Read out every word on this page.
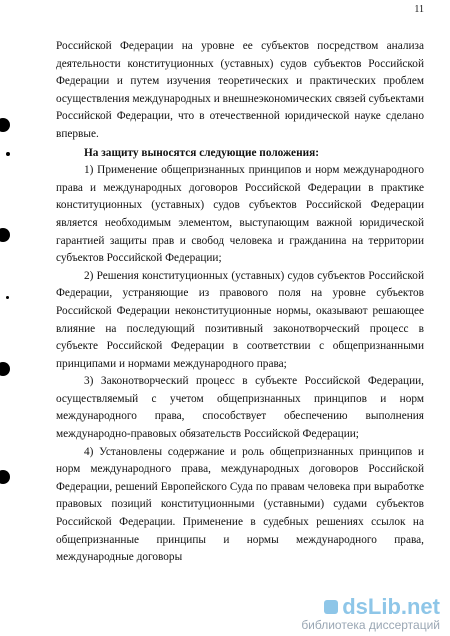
11

Российской Федерации на уровне ее субъектов посредством анализа деятельности конституционных (уставных) судов субъектов Российской Федерации и путем изучения теоретических и практических проблем осуществления международных и внешнеэкономических связей субъектами Российской Федерации, что в отечественной юридической науке сделано впервые.

На защиту выносятся следующие положения:

1) Применение общепризнанных принципов и норм международного права и международных договоров Российской Федерации в практике конституционных (уставных) судов субъектов Российской Федерации является необходимым элементом, выступающим важной юридической гарантией защиты прав и свобод человека и гражданина на территории субъектов Российской Федерации;

2) Решения конституционных (уставных) судов субъектов Российской Федерации, устраняющие из правового поля на уровне субъектов Российской Федерации неконституционные нормы, оказывают решающее влияние на последующий позитивный законотворческий процесс в субъекте Российской Федерации в соответствии с общепризнанными принципами и нормами международного права;

3) Законотворческий процесс в субъекте Российской Федерации, осуществляемый с учетом общепризнанных принципов и норм международного права, способствует обеспечению выполнения международно-правовых обязательств Российской Федерации;

4) Установлены содержание и роль общепризнанных принципов и норм международного права, международных договоров Российской Федерации, решений Европейского Суда по правам человека при выработке правовых позиций конституционными (уставными) судами субъектов Российской Федерации. Применение в судебных решениях ссылок на общепризнанные принципы и нормы международного права, международные договоры

dsLib.net
библиотека диссертаций
